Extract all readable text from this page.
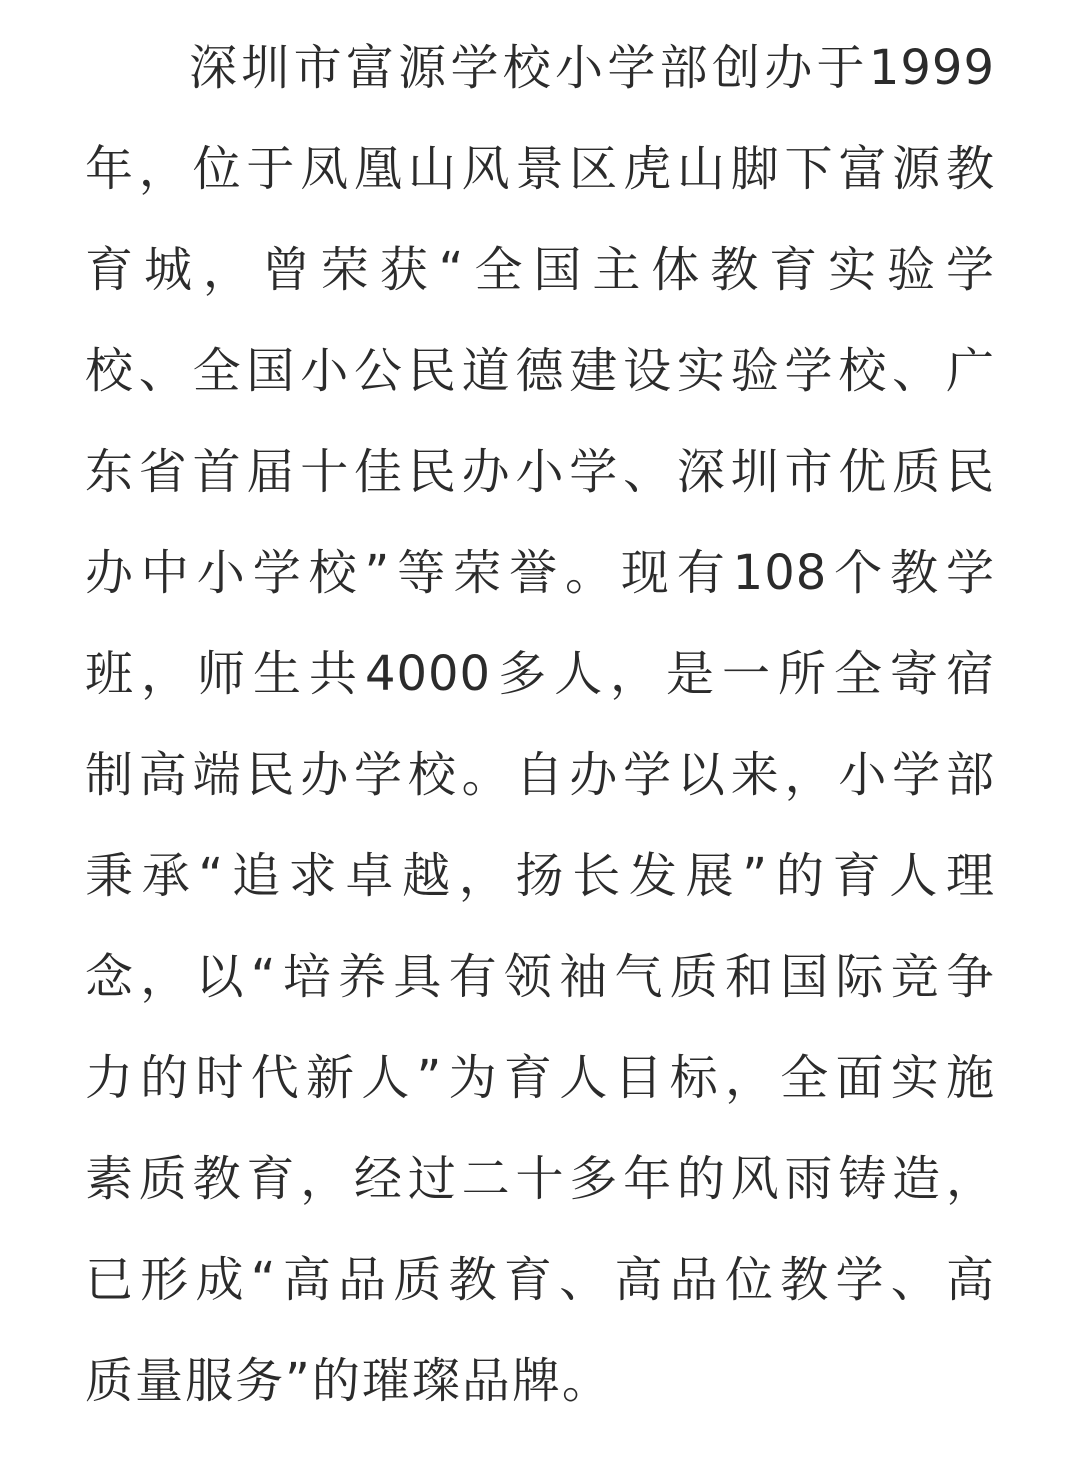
深圳市富源学校小学部创办于1999
年，位于凤凰山风景区虎山脚下富源教
育城，曾荣获“全国主体教育实验学
校、全国小公民道德建设实验学校、广
东省首届十佳民办小学、深圳市优质民
办中小学校”等荣誉。现有108个教学
班，师生共4000多人，是一所全寄宿
制高端民办学校。自办学以来，小学部
秉承“追求卓越，扬长发展”的育人理
念，以“培养具有领袖气质和国际竞争
力的时代新人”为育人目标，全面实施
素质教育，经过二十多年的风雨铸造，
已形成“高品质教育、高品位教学、高
质量服务”的璀璨品牌。
